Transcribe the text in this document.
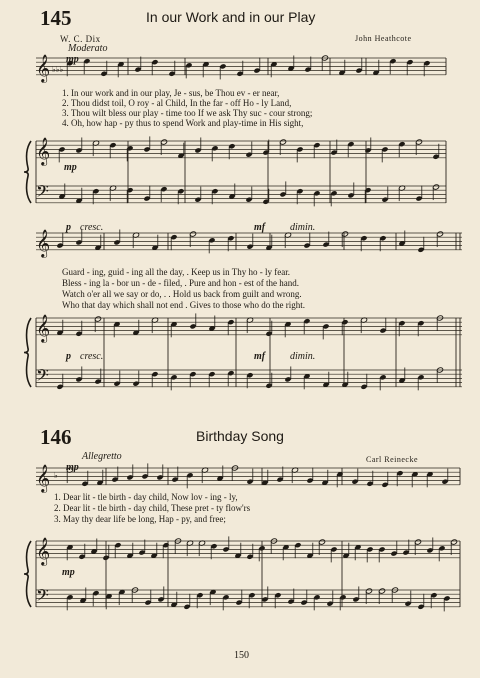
145	In our Work and in our Play
W. C. Dix	John Heathcote
Moderato
𝄞 ♭♭♭
𝄞
𝄢
𝄞
𝄞
𝄢
𝄞 ♭
𝄞
𝄢
mp
mp
1. In our work and in our play, Je - sus, be Thou ev - er near,
2. Thou didst toil, O roy - al Child, In the far - off Ho - ly Land,
3. Thou wilt bless our play - time too If we ask Thy suc - cour strong;
4. Oh, how hap - py thus to spend Work and play-time in His sight,
p cresc.	mf dimin.
Guard - ing, guid - ing all the day, . Keep us in Thy ho - ly fear.
Bless - ing la - bor un - de - filed, . Pure and hon - est of the hand.
Watch o'er all we say or do, . . Hold us back from guilt and wrong.
Who that day which shall not end . Gives to those who do the right.
p cresc.	mf dimin.
146	Birthday Song
Carl Reinecke
Allegretto
mp
1. Dear lit - tle birth - day child, Now lov - ing - ly,
2. Dear lit - tle birth - day child, These pret - ty flow'rs
3. May thy dear life be long, Hap - py, and free;
mp
150
